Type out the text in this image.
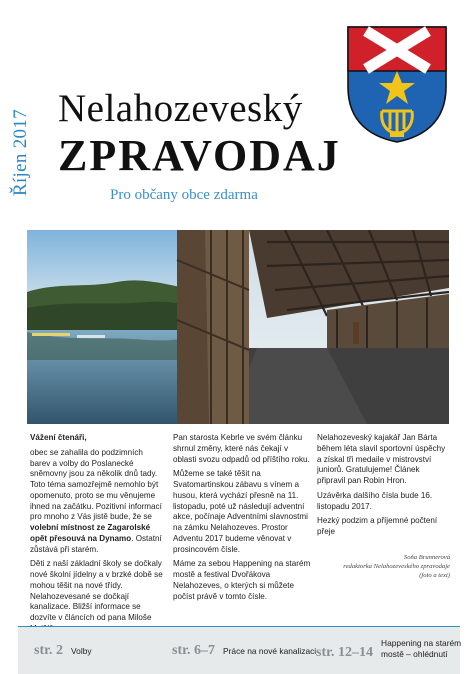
Říjen 2017
Nelahozeveský
ZPRAVODAJ
Pro občany obce zdarma

Vážení čtenáři,

obec se zahalila do podzimních barev a volby do Poslanecké sněmovny jsou za několik dnů tady. Toto téma samozřejmě nemohlo být opomenuto, proto se mu věnujeme ihned na začátku. Pozitivní informací pro mnoho z Vás jistě bude, že se volební místnost ze Zagarolské opět přesouvá na Dynamo. Ostatní zůstává při starém.

Děti z naší základní školy se dočkaly nové školní jídelny a v brzké době se mohou těšit na nové třídy. Nelahozevesané se dočkají kanalizace. Bližší informace se dozvíte v článcích od pana Miloše

Pan starosta Kebrle ve svém článku shrnul změny, které nás čekají v oblasti svozu odpadů od příštího roku.

Můžeme se také těšit na Svatomartinskou zábavu s vínem a husou, která vychází přesně na 11. listopadu, poté už následují adventní akce, počínaje Adventními slavnostmi na zámku Nelahozeves. Prostor Adventu 2017 budeme věnovat v prosincovém čísle.

Máme za sebou Happening na starém mostě a festival Dvořákova Nelahozeves, o kterých si můžete počíst právě v tomto čísle.

Nelahozeveský kajakář Jan Bárta během léta slavil sportovní úspěchy a získal tři medaile v mistrovství juniorů. Gratulujeme! Článek připravil pan Robin Hron.

Uzávěrka dalšího čísla bude 16. listopadu 2017.

Hezký podzim a příjemné počtení přeje

Soňa Brunnerová
redaktorka Nelahozeveského zpravodaje
(foto a text)
str. 2 Volby	str. 6–7 Práce na nové kanalizaci str. 12–14
Happening na starém
mostě – ohlédnutí
